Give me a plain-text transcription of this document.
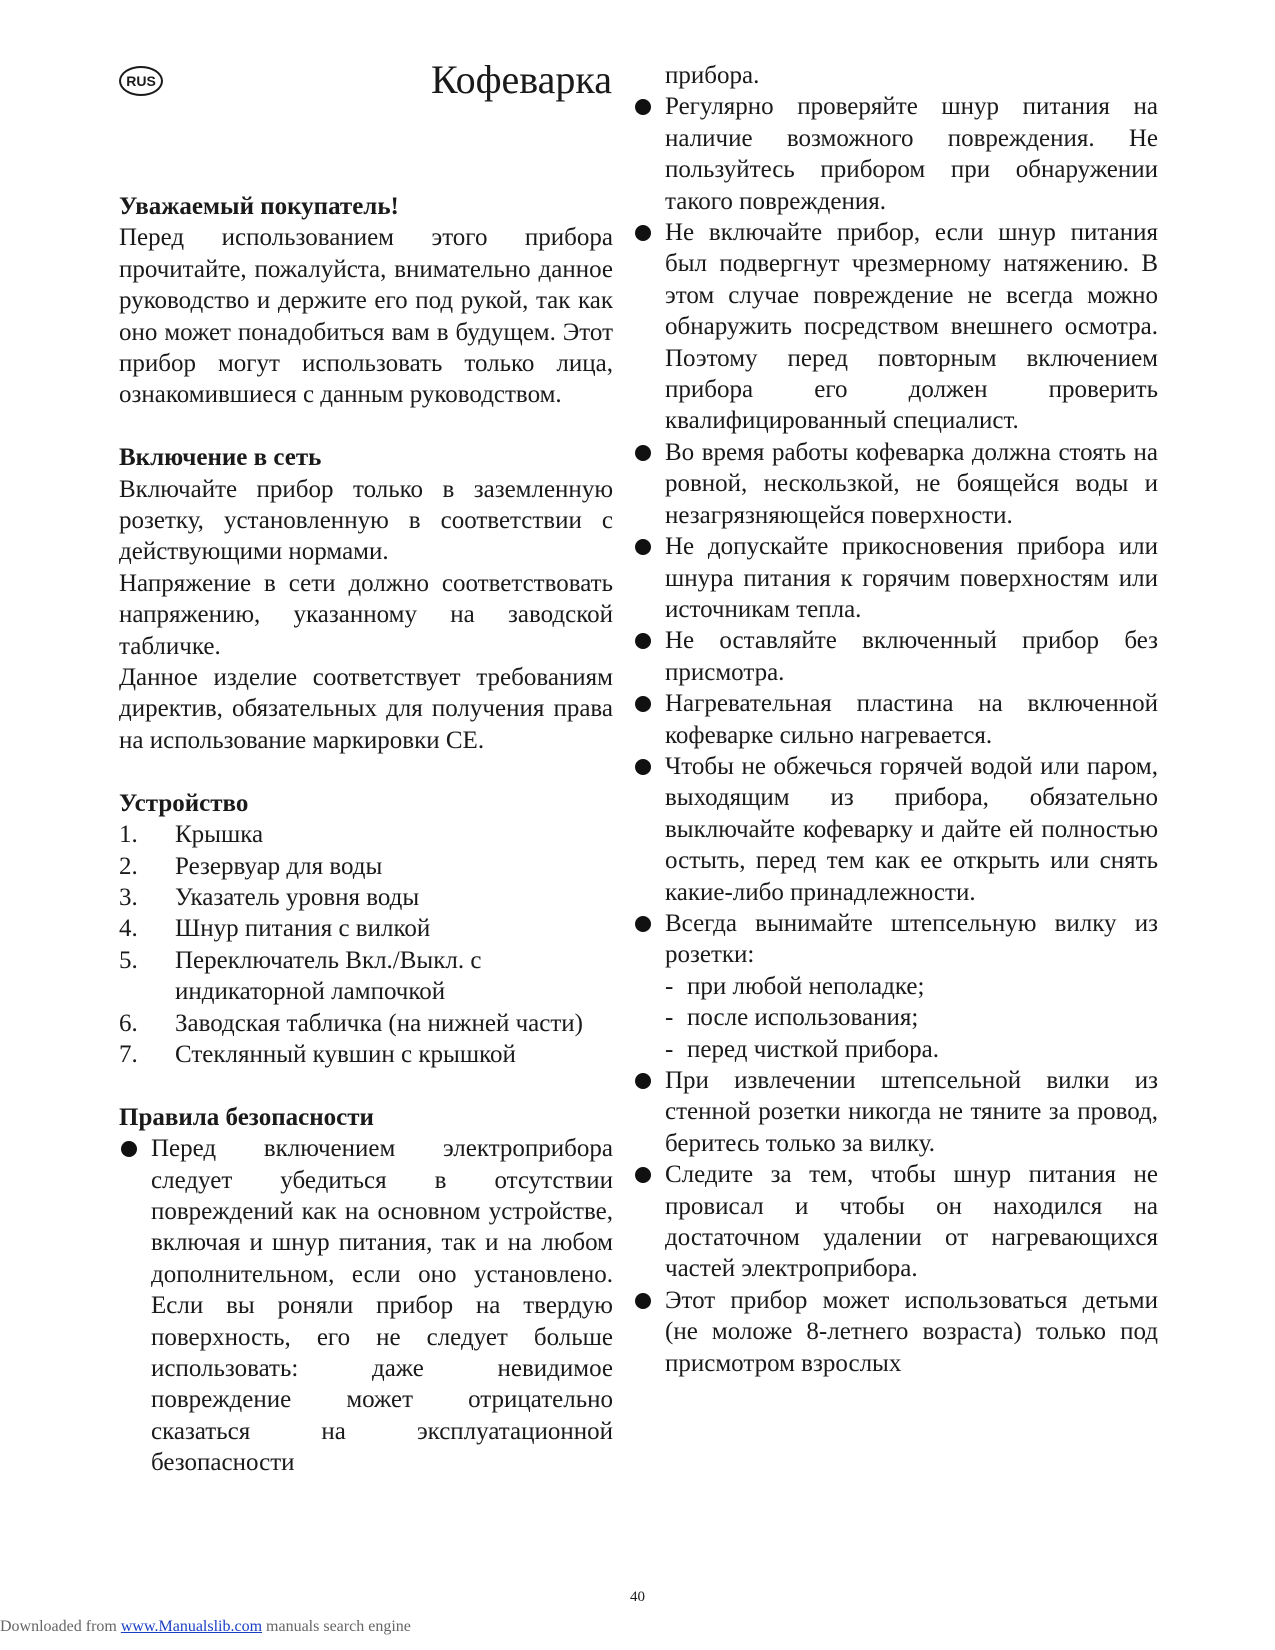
RUS	Кофеварка

Уважаемый покупатель!

Перед использованием этого прибора прочитайте, пожалуйста, внимательно данное руководство и держите его под рукой, так как оно может понадобиться вам в будущем. Этот прибор могут использовать только лица, ознакомившиеся с данным руководством.

Включение в сеть

Включайте прибор только в заземленную розетку, установленную в соответствии с действующими нормами.

Напряжение в сети должно соответствовать напряжению, указанному на заводской табличке.

Данное изделие соответствует требованиям директив, обязательных для получения права на использование маркировки CE.

Устройство

1.	Крышка
2.	Резервуар для воды
3.	Указатель уровня воды
4.	Шнур питания с вилкой
5.	Переключатель Вкл./Выкл. с индикаторной лампочкой
6.	Заводская табличка (на нижней части)
7.	Стеклянный кувшин с крышкой

Правила безопасности

Перед включением электроприбора следует убедиться в отсутствии повреждений как на основном устройстве, включая и шнур питания, так и на любом дополнительном, если оно установлено. Если вы роняли прибор на твердую поверхность, его не следует больше использовать: даже невидимое повреждение может отрицательно сказаться на эксплуатационной безопасности

прибора.

Регулярно проверяйте шнур питания на наличие возможного повреждения. Не пользуйтесь прибором при обнаружении такого повреждения.
Не включайте прибор, если шнур питания был подвергнут чрезмерному натяжению. В этом случае повреждение не всегда можно обнаружить посредством внешнего осмотра. Поэтому перед повторным включением прибора его должен проверить квалифицированный специалист.
Во время работы кофеварка должна стоять на ровной, нескользкой, не боящейся воды и незагрязняющейся поверхности.
Не допускайте прикосновения прибора или шнура питания к горячим поверхностям или источникам тепла.
Не оставляйте включенный прибор без присмотра.
Нагревательная пластина на включенной кофеварке сильно нагревается.
Чтобы не обжечься горячей водой или паром, выходящим из прибора, обязательно выключайте кофеварку и дайте ей полностью остыть, перед тем как ее открыть или снять какие-либо принадлежности.
Всегда вынимайте штепсельную вилку из розетки:
- при любой неполадке;
- после использования;
- перед чисткой прибора.
При извлечении штепсельной вилки из стенной розетки никогда не тяните за провод, беритесь только за вилку.
Следите за тем, чтобы шнур питания не провисал и чтобы он находился на достаточном удалении от нагревающихся частей электроприбора.
Этот прибор может использоваться детьми (не моложе 8-летнего возраста) только под присмотром взрослых
40
Downloaded from www.Manualslib.com manuals search engine
